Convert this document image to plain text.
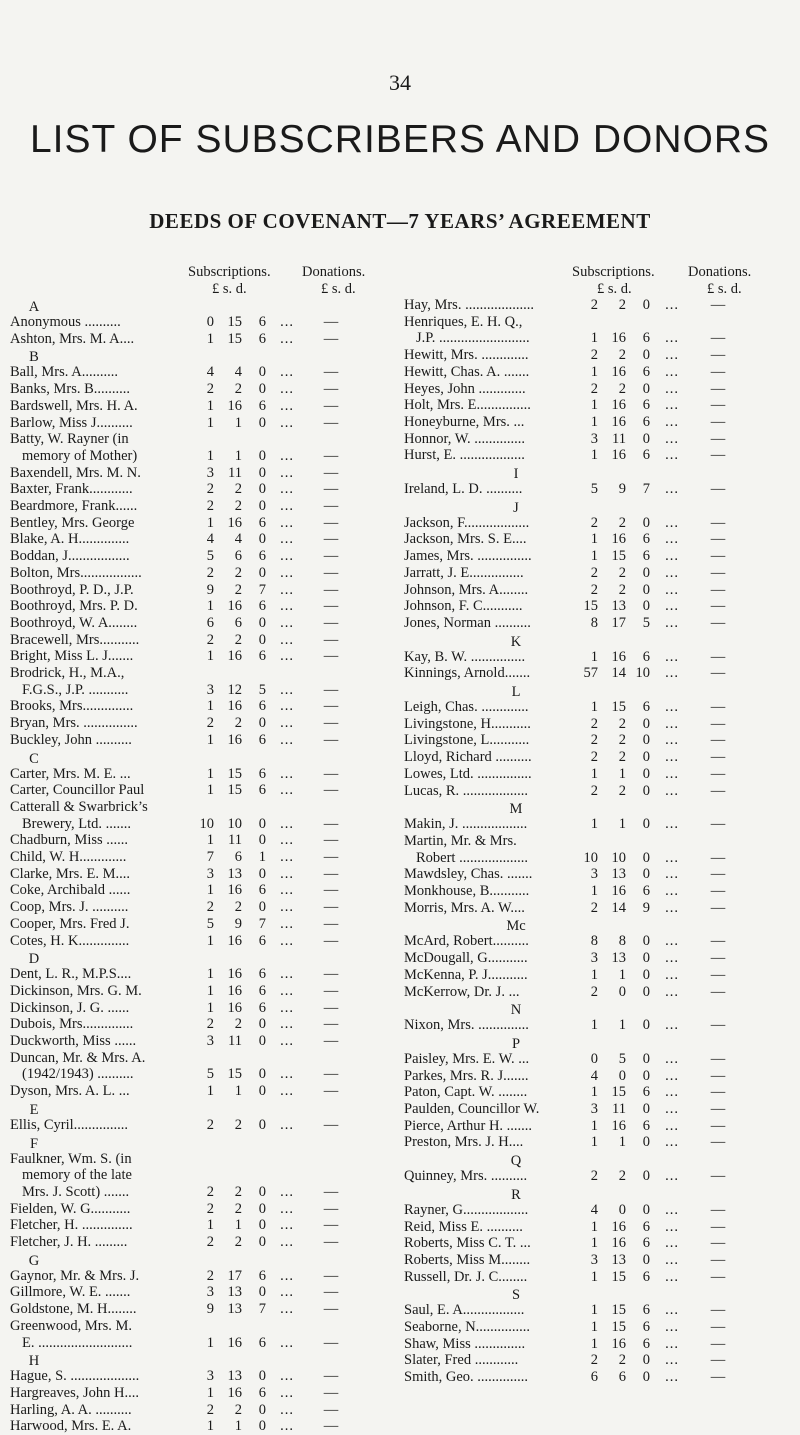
34
LIST OF SUBSCRIBERS AND DONORS
DEEDS OF COVENANT—7 YEARS’ AGREEMENT
Subscriptions. Donations.
£ s. d.	£ s. d.
A
Anonymous ..........	0 15	6 ...	—
Ashton, Mrs. M. A....	1 15	6 ...	—
B
Ball, Mrs. A..........	4	4	0 ...	—
Banks, Mrs. B..........	2	2	0 ...	—
Bardswell, Mrs. H. A.	1 16	6 ...	—
Barlow, Miss J..........	1	1	0 ...	—
Batty, W. Rayner (in
memory of Mother)	1	1	0 ...	—
Baxendell, Mrs. M. N.	3 11	0 ...	—
Baxter, Frank............	2	2	0 ...	—
Beardmore, Frank......	2	2	0 ...	—
Bentley, Mrs. George	1 16	6 ...	—
Blake, A. H..............	4	4	0 ...	—
Boddan, J.................	5	6	6 ...	—
Bolton, Mrs.................	2	2	0 ...	—
Boothroyd, P. D., J.P.	9	2	7 ...	—
Boothroyd, Mrs. P. D.	1 16	6 ...	—
Boothroyd, W. A........	6	6	0 ...	—
Bracewell, Mrs...........	2	2	0 ...	—
Bright, Miss L. J.......	1 16	6 ...	—
Brodrick, H., M.A.,
F.G.S., J.P. ...........	3 12	5 ...	—
Brooks, Mrs..............	1 16	6 ...	—
Bryan, Mrs. ...............	2	2	0 ...	—
Buckley, John ..........	1 16	6 ...	—
C
Carter, Mrs. M. E. ...	1 15	6 ...	—
Carter, Councillor Paul	1 15	6 ...	—
Catterall & Swarbrick’s
Brewery, Ltd. .......	10 10	0 ...	—
Chadburn, Miss ......	1 11	0 ...	—
Child, W. H.............	7	6	1 ...	—
Clarke, Mrs. E. M....	3 13	0 ...	—
Coke, Archibald ......	1 16	6 ...	—
Coop, Mrs. J. ..........	2	2	0 ...	—
Cooper, Mrs. Fred J.	5	9	7 ...	—
Cotes, H. K..............	1 16	6 ...	—
D
Dent, L. R., M.P.S....	1 16	6 ...	—
Dickinson, Mrs. G. M.	1 16	6 ...	—
Dickinson, J. G. ......	1 16	6 ...	—
Dubois, Mrs..............	2	2	0 ...	—
Duckworth, Miss ......	3 11	0 ...	—
Duncan, Mr. & Mrs. A.
(1942/1943) ..........	5 15	0 ...	—
Dyson, Mrs. A. L. ...	1	1	0 ...	—
E
Ellis, Cyril...............	2	2	0 ...	—
F
Faulkner, Wm. S. (in
memory of the late
Mrs. J. Scott) .......	2	2	0 ...	—
Fielden, W. G...........	2	2	0 ...	—
Fletcher, H. ..............	1	1	0 ...	—
Fletcher, J. H. .........	2	2	0 ...	—
G
Gaynor, Mr. & Mrs. J.	2 17	6 ...	—
Gillmore, W. E. .......	3 13	0 ...	—
Goldstone, M. H........	9 13	7 ...	—
Greenwood, Mrs. M.
E. ..........................	1 16	6 ...	—
H
Hague, S. ...................	3 13	0 ...	—
Hargreaves, John H....	1 16	6 ...	—
Harling, A. A. ..........	2	2	0 ...	—
Harwood, Mrs. E. A.	1	1	0 ...	—
Subscriptions. Donations.
£ s. d.	£ s. d.
Hay, Mrs. ...................	2	2	0	...	—
Henriques, E. H. Q.,
J.P. .........................	1 16	6	...	—
Hewitt, Mrs. .............	2	2	0	...	—
Hewitt, Chas. A. .......	1 16	6	...	—
Heyes, John .............	2	2	0	...	—
Holt, Mrs. E...............	1 16	6	...	—
Honeyburne, Mrs. ...	1 16	6	...	—
Honnor, W. ..............	3 11	0	...	—
Hurst, E. ..................	1 16	6	...	—
I
Ireland, L. D. ..........	5	9	7	...	—
J
Jackson, F..................	2	2	0	...	—
Jackson, Mrs. S. E....	1 16	6	...	—
James, Mrs. ...............	1 15	6	...	—
Jarratt, J. E...............	2	2	0	...	—
Johnson, Mrs. A........	2	2	0	...	—
Johnson, F. C...........	15 13	0	...	—
Jones, Norman ..........	8 17	5	...	—
K
Kay, B. W. ...............	1 16	6	...	—
Kinnings, Arnold.......	57 14 10	...	—
L
Leigh, Chas. .............	1 15	6	...	—
Livingstone, H...........	2	2	0	...	—
Livingstone, L...........	2	2	0	...	—
Lloyd, Richard ..........	2	2	0	...	—
Lowes, Ltd. ...............	1	1	0	...	—
Lucas, R. ..................	2	2	0	...	—
M
Makin, J. ..................	1	1	0	...	—
Martin, Mr. & Mrs.
Robert ...................	10 10	0	...	—
Mawdsley, Chas. .......	3 13	0	...	—
Monkhouse, B...........	1 16	6	...	—
Morris, Mrs. A. W....	2 14	9	...	—
Mc
McArd, Robert..........	8	8	0	...	—
McDougall, G...........	3 13	0	...	—
McKenna, P. J...........	1	1	0	...	—
McKerrow, Dr. J. ...	2	0	0	...	—
N
Nixon, Mrs. ..............	1	1	0	...	—
P
Paisley, Mrs. E. W. ...	0	5	0	...	—
Parkes, Mrs. R. J.......	4	0	0	...	—
Paton, Capt. W. ........	1 15	6	...	—
Paulden, Councillor W.	3 11	0	...	—
Pierce, Arthur H. .......	1 16	6	...	—
Preston, Mrs. J. H....	1	1	0	...	—
Q
Quinney, Mrs. ..........	2	2	0	...	—
R
Rayner, G..................	4	0	0	...	—
Reid, Miss E. ..........	1 16	6	...	—
Roberts, Miss C. T. ...	1 16	6	...	—
Roberts, Miss M........	3 13	0	...	—
Russell, Dr. J. C........	1 15	6	...	—
S
Saul, E. A.................	1 15	6	...	—
Seaborne, N...............	1 15	6	...	—
Shaw, Miss ..............	1 16	6	...	—
Slater, Fred ............	2	2	0	...	—
Smith, Geo. ..............	6	6	0	...	—
